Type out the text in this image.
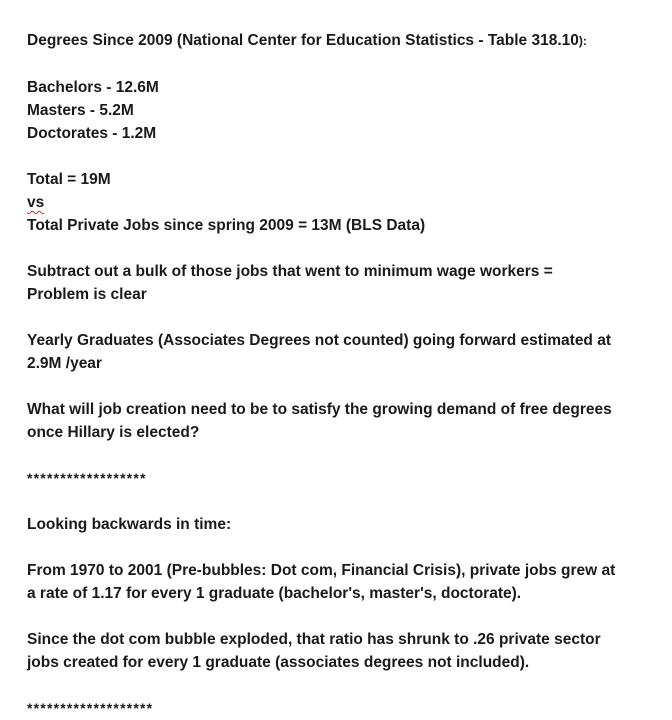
Degrees Since 2009 (National Center for Education Statistics - Table 318.10):
Bachelors - 12.6M
Masters - 5.2M
Doctorates - 1.2M
Total = 19M
vs
Total Private Jobs since spring 2009 = 13M (BLS Data)
Subtract out a bulk of those jobs that went to minimum wage workers =
Problem is clear
Yearly Graduates (Associates Degrees not counted) going forward estimated at
2.9M /year
What will job creation need to be to satisfy the growing demand of free degrees
once Hillary is elected?
******************
Looking backwards in time:
From 1970 to 2001 (Pre-bubbles: Dot com, Financial Crisis), private jobs grew at
a rate of 1.17 for every 1 graduate (bachelor's, master's, doctorate).
Since the dot com bubble exploded, that ratio has shrunk to .26 private sector
jobs created for every 1 graduate (associates degrees not included).
*******************
